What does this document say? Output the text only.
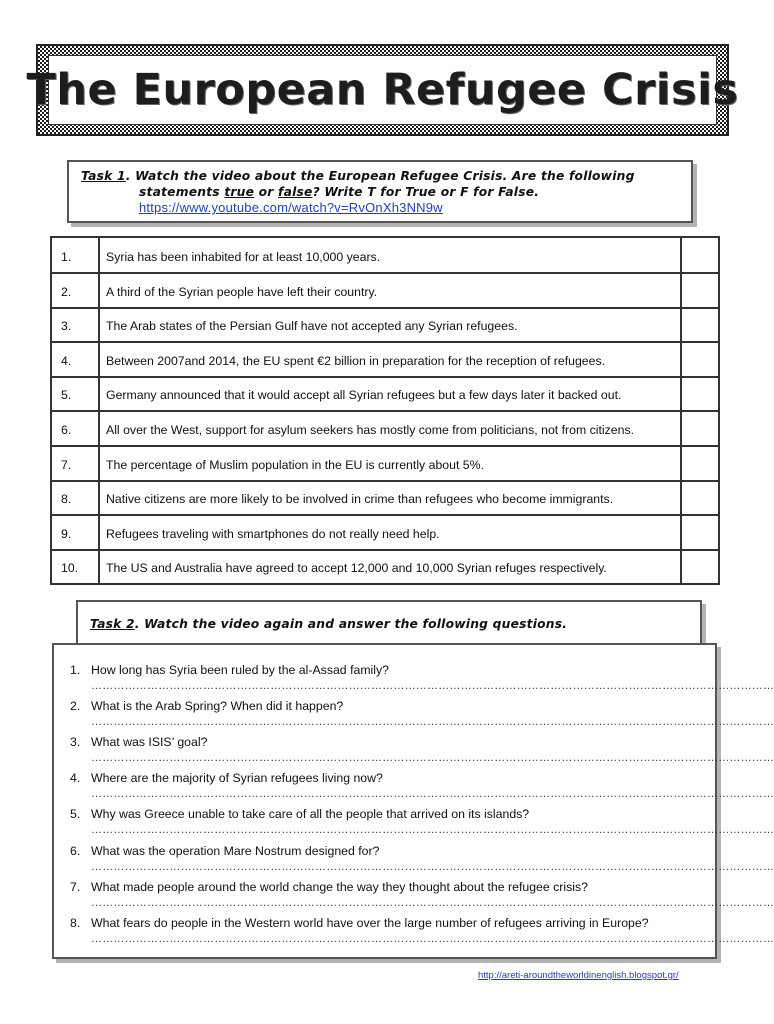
The European Refugee Crisis
Task 1. Watch the video about the European Refugee Crisis. Are the following
statements true or false? Write T for True or F for False.
https://www.youtube.com/watch?v=RvOnXh3NN9w
1.	Syria has been inhabited for at least 10,000 years.	
2.	A third of the Syrian people have left their country.	
3.	The Arab states of the Persian Gulf have not accepted any Syrian refugees.	
4.	Between 2007and 2014, the EU spent €2 billion in preparation for the reception of refugees.	
5.	Germany announced that it would accept all Syrian refugees but a few days later it backed out.	
6.	All over the West, support for asylum seekers has mostly come from politicians, not from citizens.	
7.	The percentage of Muslim population in the EU is currently about 5%.	
8.	Native citizens are more likely to be involved in crime than refugees who become immigrants.	
9.	Refugees traveling with smartphones do not really need help.	
10.	The US and Australia have agreed to accept 12,000 and 10,000 Syrian refuges respectively.	
Task 2. Watch the video again and answer the following questions.
1. How long has Syria been ruled by the al-Assad family?
…………………………………………………………………………………………………………………………………………………………………
2. What is the Arab Spring? When did it happen?
…………………………………………………………………………………………………………………………………………………………………
3. What was ISIS’ goal?
…………………………………………………………………………………………………………………………………………………………………
4. Where are the majority of Syrian refugees living now?
…………………………………………………………………………………………………………………………………………………………………
5. Why was Greece unable to take care of all the people that arrived on its islands?
…………………………………………………………………………………………………………………………………………………………………
6. What was the operation Mare Nostrum designed for?
…………………………………………………………………………………………………………………………………………………………………
7. What made people around the world change the way they thought about the refugee crisis?
…………………………………………………………………………………………………………………………………………………………………
8. What fears do people in the Western world have over the large number of refugees arriving in Europe?
…………………………………………………………………………………………………………………………………………………………………
http://areti-aroundtheworldinenglish.blogspot.gr/
